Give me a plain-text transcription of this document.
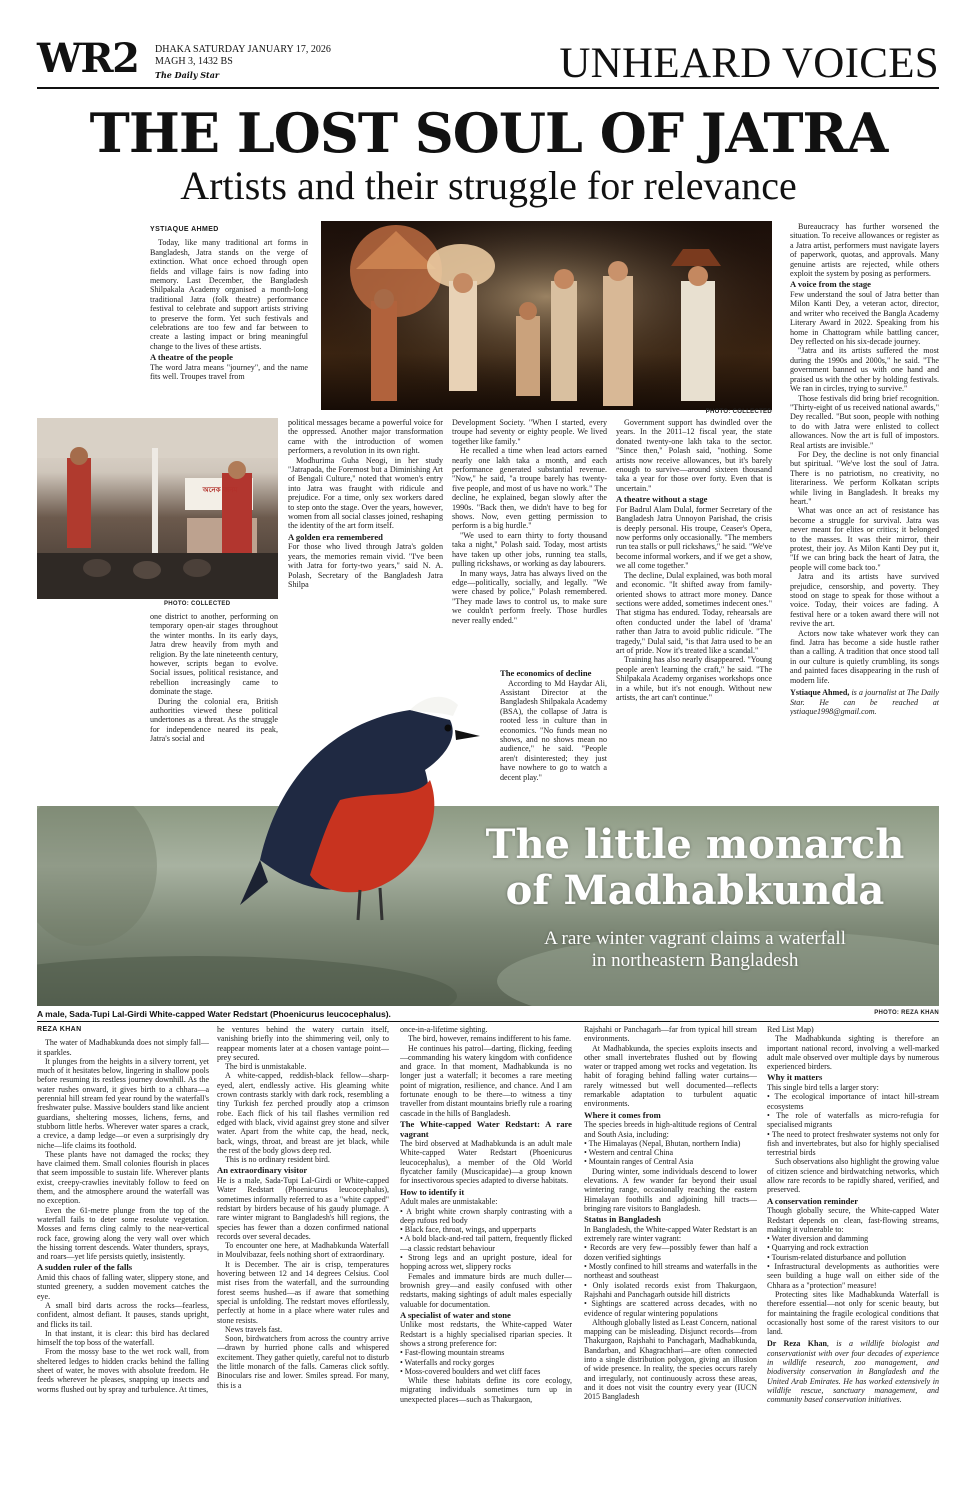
WR2 DHAKA SATURDAY JANUARY 17, 2026
MAGH 3, 1432 BS
The Daily Star	UNHEARD VOICES
THE LOST SOUL OF JATRA
Artists and their struggle for relevance
PHOTO: COLLECTED
অনেক জনম
PHOTO: COLLECTED
YSTIAQUE AHMED

Today, like many traditional art forms in Bangladesh, Jatra stands on the verge of extinction. What once echoed through open fields and village fairs is now fading into memory. Last December, the Bangladesh Shilpakala Academy organised a month-long traditional Jatra (folk theatre) performance festival to celebrate and support artists striving to preserve the form. Yet such festivals and celebrations are too few and far between to create a lasting impact or bring meaningful change to the lives of these artists.

A theatre of the people

The word Jatra means "journey", and the name fits well. Troupes travel from

one district to another, performing on temporary open-air stages throughout the winter months. In its early days, Jatra drew heavily from myth and religion. By the late nineteenth century, however, scripts began to evolve. Social issues, political resistance, and rebellion increasingly came to dominate the stage.

During the colonial era, British authorities viewed these political undertones as a threat. As the struggle for independence neared its peak, Jatra's social and

political messages became a powerful voice for the oppressed. Another major transformation came with the introduction of women performers, a revolution in its own right.

Modhurima Guha Neogi, in her study "Jatrapada, the Foremost but a Diminishing Art of Bengali Culture," noted that women's entry into Jatra was fraught with ridicule and prejudice. For a time, only sex workers dared to step onto the stage. Over the years, however, women from all social classes joined, reshaping the identity of the art form itself.

A golden era remembered

For those who lived through Jatra's golden years, the memories remain vivid. "I've been with Jatra for forty-two years," said N. A. Polash, Secretary of the Bangladesh Jatra Shilpa

Development Society. "When I started, every troupe had seventy or eighty people. We lived together like family."

He recalled a time when lead actors earned nearly one lakh taka a month, and each performance generated substantial revenue. "Now," he said, "a troupe barely has twenty-five people, and most of us have no work." The decline, he explained, began slowly after the 1990s. "Back then, we didn't have to beg for shows. Now, even getting permission to perform is a big hurdle."

"We used to earn thirty to forty thousand taka a night," Polash said. Today, most artists have taken up other jobs, running tea stalls, pulling rickshaws, or working as day labourers.

In many ways, Jatra has always lived on the edge—politically, socially, and legally. "We were chased by police," Polash remembered. "They made laws to control us, to make sure we couldn't perform freely. Those hurdles never really ended."

The economics of decline

According to Md Haydar Ali, Assistant Director at the Bangladesh Shilpakala Academy (BSA), the collapse of Jatra is rooted less in culture than in economics. "No funds mean no shows, and no shows mean no audience," he said. "People aren't disinterested; they just have nowhere to go to watch a decent play."

Government support has dwindled over the years. In the 2011–12 fiscal year, the state donated twenty-one lakh taka to the sector. "Since then," Polash said, "nothing. Some artists now receive allowances, but it's barely enough to survive—around sixteen thousand taka a year for those over forty. Even that is uncertain."

A theatre without a stage

For Badrul Alam Dulal, former Secretary of the Bangladesh Jatra Unnoyon Parishad, the crisis is deeply personal. His troupe, Ceaser's Opera, now performs only occasionally. "The members run tea stalls or pull rickshaws," he said. "We've become informal workers, and if we get a show, we all come together."

The decline, Dulal explained, was both moral and economic. "It shifted away from family-oriented shows to attract more money. Dance sections were added, sometimes indecent ones." That stigma has endured. Today, rehearsals are often conducted under the label of 'drama' rather than Jatra to avoid public ridicule. "The tragedy," Dulal said, "is that Jatra used to be an art of pride. Now it's treated like a scandal."

Training has also nearly disappeared. "Young people aren't learning the craft," he said. "The Shilpakala Academy organises workshops once in a while, but it's not enough. Without new artists, the art can't continue."

Bureaucracy has further worsened the situation. To receive allowances or register as a Jatra artist, performers must navigate layers of paperwork, quotas, and approvals. Many genuine artists are rejected, while others exploit the system by posing as performers.

A voice from the stage

Few understand the soul of Jatra better than Milon Kanti Dey, a veteran actor, director, and writer who received the Bangla Academy Literary Award in 2022. Speaking from his home in Chattogram while battling cancer, Dey reflected on his six-decade journey.

"Jatra and its artists suffered the most during the 1990s and 2000s," he said. "The government banned us with one hand and praised us with the other by holding festivals. We ran in circles, trying to survive."

Those festivals did bring brief recognition. "Thirty-eight of us received national awards," Dey recalled. "But soon, people with nothing to do with Jatra were enlisted to collect allowances. Now the art is full of impostors. Real artists are invisible."

For Dey, the decline is not only financial but spiritual. "We've lost the soul of Jatra. There is no patriotism, no creativity, no literariness. We perform Kolkatan scripts while living in Bangladesh. It breaks my heart."

What was once an act of resistance has become a struggle for survival. Jatra was never meant for elites or critics; it belonged to the masses. It was their mirror, their protest, their joy. As Milon Kanti Dey put it, "If we can bring back the heart of Jatra, the people will come back too."

Jatra and its artists have survived prejudice, censorship, and poverty. They stood on stage to speak for those without a voice. Today, their voices are fading. A festival here or a token award there will not revive the art.

Actors now take whatever work they can find. Jatra has become a side hustle rather than a calling. A tradition that once stood tall in our culture is quietly crumbling, its songs and painted faces disappearing in the rush of modern life.

Ystiaque Ahmed, is a journalist at The Daily Star. He can be reached at ystiaque1998@gmail.com.

The little monarch
of Madhabkunda
A rare winter vagrant claims a waterfall
in northeastern Bangladesh
A male, Sada-Tupi Lal-Girdi White-capped Water Redstart (Phoenicurus leucocephalus).	PHOTO: REZA KHAN
REZA KHAN

The water of Madhabkunda does not simply fall—it sparkles.

It plunges from the heights in a silvery torrent, yet much of it hesitates below, lingering in shallow pools before resuming its restless journey downhill. As the water rushes onward, it gives birth to a chhara—a perennial hill stream fed year round by the waterfall's freshwater pulse. Massive boulders stand like ancient guardians, sheltering mosses, lichens, ferns, and stubborn little herbs. Wherever water spares a crack, a crevice, a damp ledge—or even a surprisingly dry niche—life claims its foothold.

These plants have not damaged the rocks; they have claimed them. Small colonies flourish in places that seem impossible to sustain life. Wherever plants exist, creepy-crawlies inevitably follow to feed on them, and the atmosphere around the waterfall was no exception.

Even the 61-metre plunge from the top of the waterfall fails to deter some resolute vegetation. Mosses and ferns cling calmly to the near-vertical rock face, growing along the very wall over which the hissing torrent descends. Water thunders, sprays, and roars—yet life persists quietly, insistently.

A sudden ruler of the falls

Amid this chaos of falling water, slippery stone, and stunted greenery, a sudden movement catches the eye.

A small bird darts across the rocks—fearless, confident, almost defiant. It pauses, stands upright, and flicks its tail.

In that instant, it is clear: this bird has declared himself the top boss of the waterfall.

From the mossy base to the wet rock wall, from sheltered ledges to hidden cracks behind the falling sheet of water, he moves with absolute freedom. He feeds wherever he pleases, snapping up insects and worms flushed out by spray and turbulence. At times,

he ventures behind the watery curtain itself, vanishing briefly into the shimmering veil, only to reappear moments later at a chosen vantage point—prey secured.

The bird is unmistakable.

A white-capped, reddish-black fellow—sharp-eyed, alert, endlessly active. His gleaming white crown contrasts starkly with dark rock, resembling a tiny Turkish fez perched proudly atop a crimson robe. Each flick of his tail flashes vermilion red edged with black, vivid against grey stone and silver water. Apart from the white cap, the head, neck, back, wings, throat, and breast are jet black, while the rest of the body glows deep red.

This is no ordinary resident bird.

An extraordinary visitor

He is a male, Sada-Tupi Lal-Girdi or White-capped Water Redstart (Phoenicurus leucocephalus), sometimes informally referred to as a "white capped" redstart by birders because of his gaudy plumage. A rare winter migrant to Bangladesh's hill regions, the species has fewer than a dozen confirmed national records over several decades.

To encounter one here, at Madhabkunda Waterfall in Moulvibazar, feels nothing short of extraordinary.

It is December. The air is crisp, temperatures hovering between 12 and 14 degrees Celsius. Cool mist rises from the waterfall, and the surrounding forest seems hushed—as if aware that something special is unfolding. The redstart moves effortlessly, perfectly at home in a place where water rules and stone resists.

News travels fast.

Soon, birdwatchers from across the country arrive—drawn by hurried phone calls and whispered excitement. They gather quietly, careful not to disturb the little monarch of the falls. Cameras click softly. Binoculars rise and lower. Smiles spread. For many, this is a

once-in-a-lifetime sighting.

The bird, however, remains indifferent to his fame.

He continues his patrol—darting, flicking, feeding—commanding his watery kingdom with confidence and grace. In that moment, Madhabkunda is no longer just a waterfall; it becomes a rare meeting point of migration, resilience, and chance. And I am fortunate enough to be there—to witness a tiny traveller from distant mountains briefly rule a roaring cascade in the hills of Bangladesh.

The White-capped Water Redstart: A rare vagrant

The bird observed at Madhabkunda is an adult male White-capped Water Redstart (Phoenicurus leucocephalus), a member of the Old World flycatcher family (Muscicapidae)—a group known for insectivorous species adapted to diverse habitats.

How to identify it

Adult males are unmistakable:

• A bright white crown sharply contrasting with a deep rufous red body
• Black face, throat, wings, and upperparts
• A bold black-and-red tail pattern, frequently flicked—a classic redstart behaviour
• Strong legs and an upright posture, ideal for hopping across wet, slippery rocks

Females and immature birds are much duller—brownish grey—and easily confused with other redstarts, making sightings of adult males especially valuable for documentation.

A specialist of water and stone

Unlike most redstarts, the White-capped Water Redstart is a highly specialised riparian species. It shows a strong preference for:

• Fast-flowing mountain streams
• Waterfalls and rocky gorges
• Moss-covered boulders and wet cliff faces

While these habitats define its core ecology, migrating individuals sometimes turn up in unexpected places—such as Thakurgaon,

Rajshahi or Panchagarh—far from typical hill stream environments.

At Madhabkunda, the species exploits insects and other small invertebrates flushed out by flowing water or trapped among wet rocks and vegetation. Its habit of foraging behind falling water curtains—rarely witnessed but well documented—reflects remarkable adaptation to turbulent aquatic environments.

Where it comes from

The species breeds in high-altitude regions of Central and South Asia, including:

• The Himalayas (Nepal, Bhutan, northern India)
• Western and central China
• Mountain ranges of Central Asia

During winter, some individuals descend to lower elevations. A few wander far beyond their usual wintering range, occasionally reaching the eastern Himalayan foothills and adjoining hill tracts—bringing rare visitors to Bangladesh.

Status in Bangladesh

In Bangladesh, the White-capped Water Redstart is an extremely rare winter vagrant:

• Records are very few—possibly fewer than half a dozen verified sightings
• Mostly confined to hill streams and waterfalls in the northeast and southeast
• Only isolated records exist from Thakurgaon, Rajshahi and Panchagarh outside hill districts
• Sightings are scattered across decades, with no evidence of regular wintering populations

Although globally listed as Least Concern, national mapping can be misleading. Disjunct records—from Thakurgaon, Rajshahi to Panchagarh, Madhabkunda, Bandarban, and Khagrachhari—are often connected into a single distribution polygon, giving an illusion of wide presence. In reality, the species occurs rarely and irregularly, not continuously across these areas, and it does not visit the country every year (IUCN 2015 Bangladesh

Red List Map)

The Madhabkunda sighting is therefore an important national record, involving a well-marked adult male observed over multiple days by numerous experienced birders.

Why it matters

This single bird tells a larger story:

• The ecological importance of intact hill-stream ecosystems
• The role of waterfalls as micro-refugia for specialised migrants
• The need to protect freshwater systems not only for fish and invertebrates, but also for highly specialised terrestrial birds

Such observations also highlight the growing value of citizen science and birdwatching networks, which allow rare records to be rapidly shared, verified, and preserved.

A conservation reminder

Though globally secure, the White-capped Water Redstart depends on clean, fast-flowing streams, making it vulnerable to:

• Water diversion and damming
• Quarrying and rock extraction
• Tourism-related disturbance and pollution
• Infrastructural developments as authorities were seen building a huge wall on either side of the Chhara as a "protection" measure!

Protecting sites like Madhabkunda Waterfall is therefore essential—not only for scenic beauty, but for maintaining the fragile ecological conditions that occasionally host some of the rarest visitors to our land.

Dr Reza Khan, is a wildlife biologist and conservationist with over four decades of experience in wildlife research, zoo management, and biodiversity conservation in Bangladesh and the United Arab Emirates. He has worked extensively in wildlife rescue, sanctuary management, and community based conservation initiatives.
